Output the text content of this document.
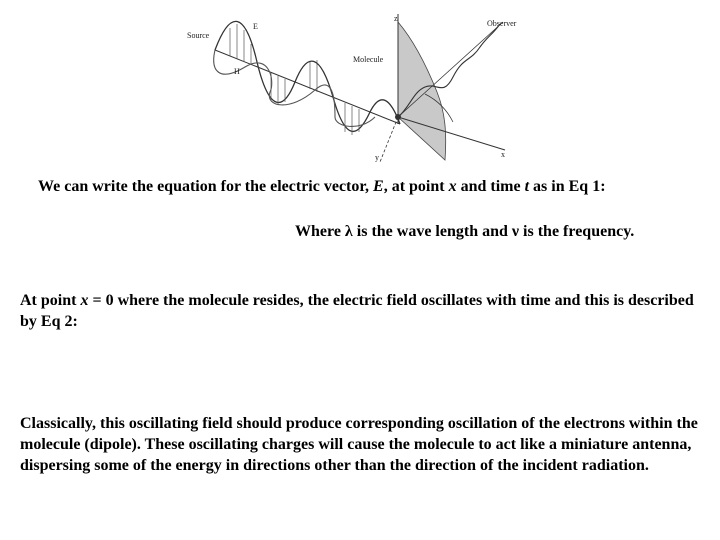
Source
E
H
Molecule
Observer
z
x
y

We can write the equation for the electric vector, E, at point x and time t as in Eq 1:

Where λ is the wave length and ν is the frequency.

At point x = 0 where the molecule resides, the electric field oscillates with time and this is described by Eq 2:

Classically, this oscillating field should produce corresponding oscillation of the electrons within the molecule (dipole). These oscillating charges will cause the molecule to act like a miniature antenna, dispersing some of the energy in directions other than the direction of the incident radiation.
